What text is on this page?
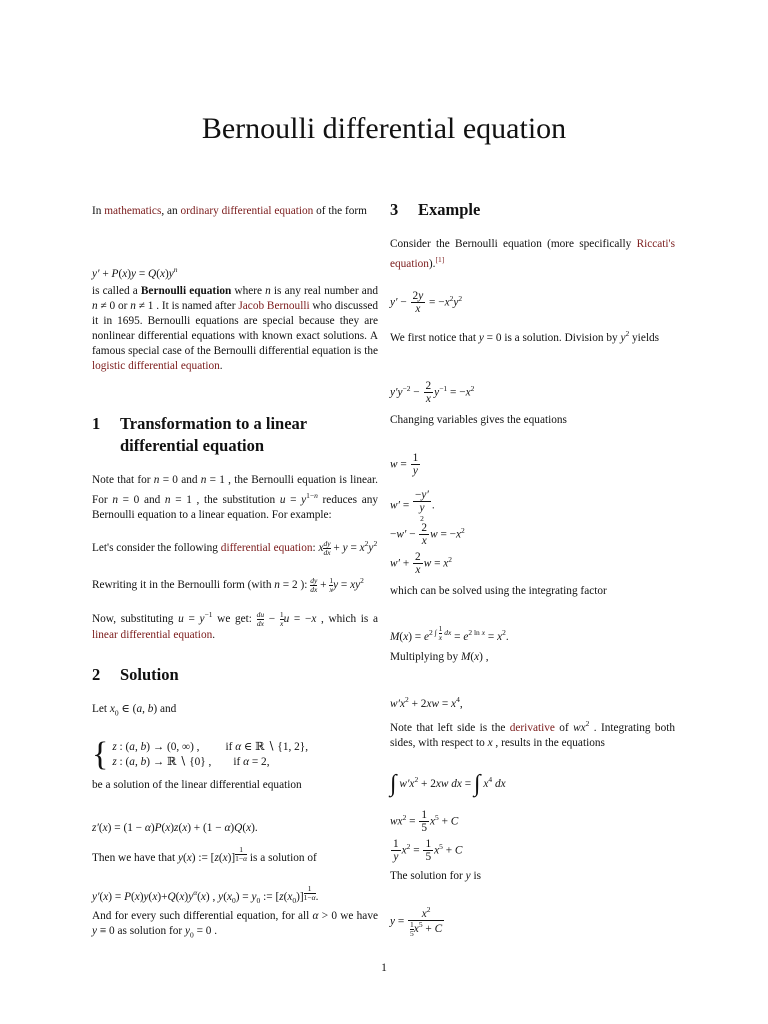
Bernoulli differential equation

In mathematics, an ordinary differential equation of the form

$y' + P(x)y = Q(x)y^n$

is called a Bernoulli equation where n is any real number and n ≠ 0 or n ≠ 1 . It is named after Jacob Bernoulli who discussed it in 1695. Bernoulli equations are special because they are nonlinear differential equations with known exact solutions. A famous special case of the Bernoulli differential equation is the logistic differential equation.

1	Transformation to a linear differential equation

Note that for n = 0 and n = 1 , the Bernoulli equation is linear. For n = 0 and n = 1 , the substitution $u = y^{1-n}$ reduces any Bernoulli equation to a linear equation. For example:

Let's consider the following differential equation: x $\frac{dy}{dx} + y = x^2y^2$

Rewriting it in the Bernoulli form (with n = 2 ): $\frac{dy}{dx} + \frac{1}{x}$ $y = xy^2$

Now, substituting $u = y^{-1}$ we get: $\frac{du}{dx} - \frac{1}{x}$ u = −x , which is a linear differential equation.

2	Solution

Let $x_0$ ∈ (a, b) and

{ z : (a, b) → (0, ∞) , if α ∈ ℝ ∖ {1, 2},
z : (a, b) → ℝ ∖ {0} , if α = 2,

be a solution of the linear differential equation

z′(x) = (1 − α)P(x)z(x) + (1 − α)Q(x).

Then we have that y(x) := [z(x)] $^{\frac{1}{1-\alpha}}$ is a solution of

$y'(x) = P(x)y(x)+Q(x)y^\alpha(x)$ , $y(x_0) = y_0$ := $[z(x_0)]$ $^{\frac{1}{1-\alpha}}$ .

And for every such differential equation, for all α > 0 we have y ≡ 0 as solution for $y_0 = 0$ .

3	Example

Consider the Bernoulli equation (more specifically Riccati's equation).[1]

$y' - \frac{2y}{x} = -x^2y^2$

We first notice that y = 0 is a solution. Division by $y^2$ yields

$y'y^{-2} - \frac{2}{x} y^{-1} = -x^2$

Changing variables gives the equations

$w = \frac{1}{y}$
w′ =
−y′
y
2
.
$-w' - \frac{2}{x}$ $w = -x^2$
$w' + \frac{2}{x}$ $w = x^2$

which can be solved using the integrating factor

$M(x) = e^{2 \int \frac{1}{x} dx} = e^{2 ln x} = x^2$.

Multiplying by M(x) ,

$w'x^2 + 2xw = x^4$,

Note that left side is the derivative of $wx^2$ . Integrating both sides, with respect to x , results in the equations

∫ $w'x^2 + 2xw$ dx = ∫ $x^4$ dx
$wx^2 = \frac{1}{5} x^5 + C$
$\frac{1}{y} x^2 = \frac{1}{5} x^5 + C$

The solution for y is

$y = \frac{x^2}{\frac{1}{5} x^5 + C}$
1
